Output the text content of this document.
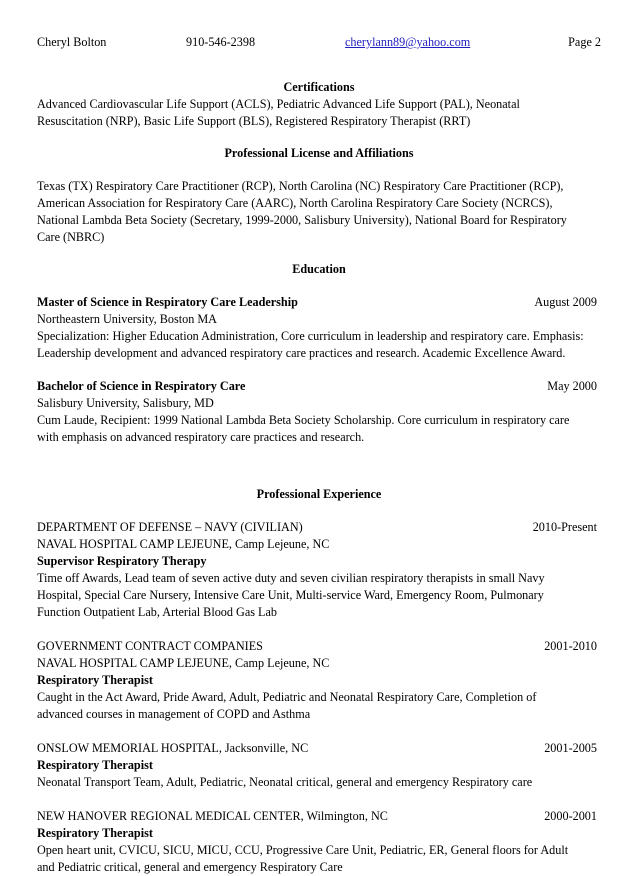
Cheryl Bolton	910-546-2398	cherylann89@yahoo.com	Page 2
Certifications

Advanced Cardiovascular Life Support (ACLS), Pediatric Advanced Life Support (PAL), Neonatal

Resuscitation (NRP), Basic Life Support (BLS), Registered Respiratory Therapist (RRT)

Professional License and Affiliations

Texas (TX) Respiratory Care Practitioner (RCP), North Carolina (NC) Respiratory Care Practitioner (RCP),

American Association for Respiratory Care (AARC), North Carolina Respiratory Care Society (NCRCS),

National Lambda Beta Society (Secretary, 1999-2000, Salisbury University), National Board for Respiratory

Care (NBRC)

Education
Master of Science in Respiratory Care Leadership	August 2009

Northeastern University, Boston MA

Specialization: Higher Education Administration, Core curriculum in leadership and respiratory care. Emphasis:

Leadership development and advanced respiratory care practices and research. Academic Excellence Award.

Bachelor of Science in Respiratory Care	May 2000

Salisbury University, Salisbury, MD

Cum Laude, Recipient: 1999 National Lambda Beta Society Scholarship. Core curriculum in respiratory care

with emphasis on advanced respiratory care practices and research.

Professional Experience
DEPARTMENT OF DEFENSE – NAVY (CIVILIAN)	2010-Present

NAVAL HOSPITAL CAMP LEJEUNE, Camp Lejeune, NC

Supervisor Respiratory Therapy

Time off Awards, Lead team of seven active duty and seven civilian respiratory therapists in small Navy

Hospital, Special Care Nursery, Intensive Care Unit, Multi-service Ward, Emergency Room, Pulmonary

Function Outpatient Lab, Arterial Blood Gas Lab

GOVERNMENT CONTRACT COMPANIES	2001-2010

NAVAL HOSPITAL CAMP LEJEUNE, Camp Lejeune, NC

Respiratory Therapist

Caught in the Act Award, Pride Award, Adult, Pediatric and Neonatal Respiratory Care, Completion of

advanced courses in management of COPD and Asthma

ONSLOW MEMORIAL HOSPITAL, Jacksonville, NC	2001-2005

Respiratory Therapist

Neonatal Transport Team, Adult, Pediatric, Neonatal critical, general and emergency Respiratory care

NEW HANOVER REGIONAL MEDICAL CENTER, Wilmington, NC	2000-2001

Respiratory Therapist

Open heart unit, CVICU, SICU, MICU, CCU, Progressive Care Unit, Pediatric, ER, General floors for Adult

and Pediatric critical, general and emergency Respiratory Care
